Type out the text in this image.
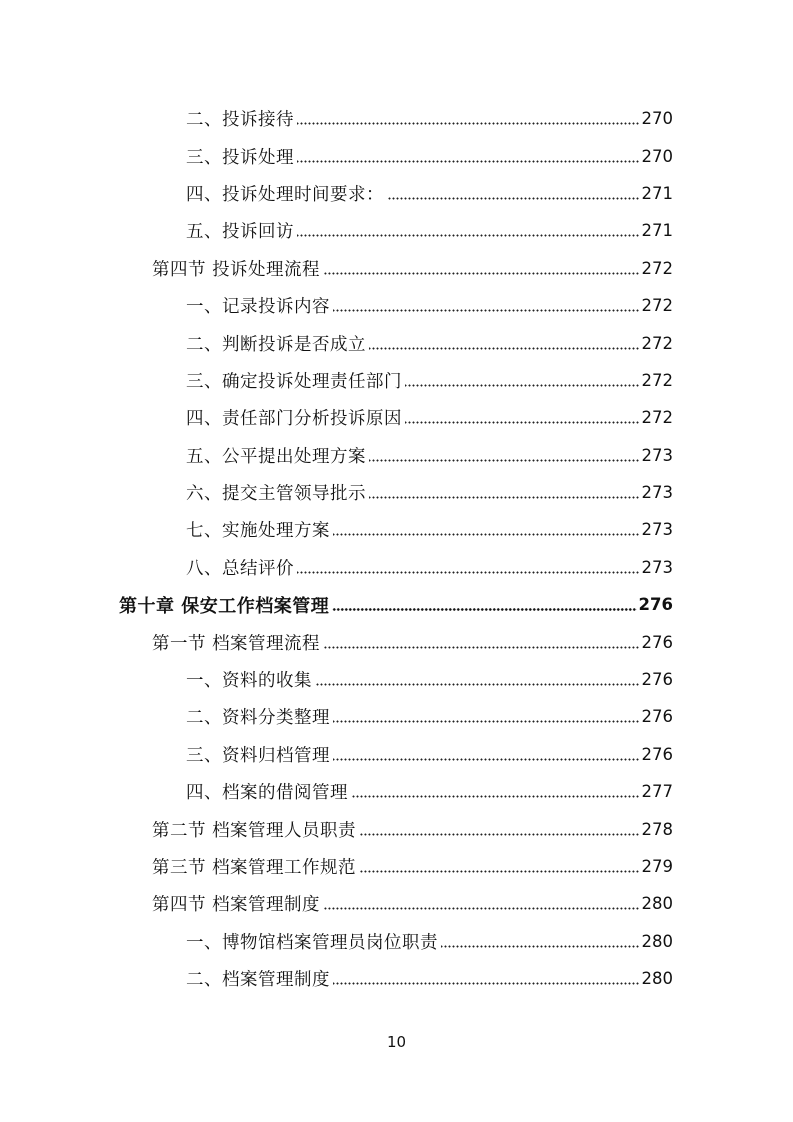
二、投诉接待	270
三、投诉处理	270
四、投诉处理时间要求：	271
五、投诉回访	271
第四节 投诉处理流程	272
一、记录投诉内容	272
二、判断投诉是否成立	272
三、确定投诉处理责任部门	272
四、责任部门分析投诉原因	272
五、公平提出处理方案	273
六、提交主管领导批示	273
七、实施处理方案	273
八、总结评价	273
第十章 保安工作档案管理	276
第一节 档案管理流程	276
一、资料的收集	276
二、资料分类整理	276
三、资料归档管理	276
四、档案的借阅管理	277
第二节 档案管理人员职责	278
第三节 档案管理工作规范	279
第四节 档案管理制度	280
一、博物馆档案管理员岗位职责	280
二、档案管理制度	280
10
